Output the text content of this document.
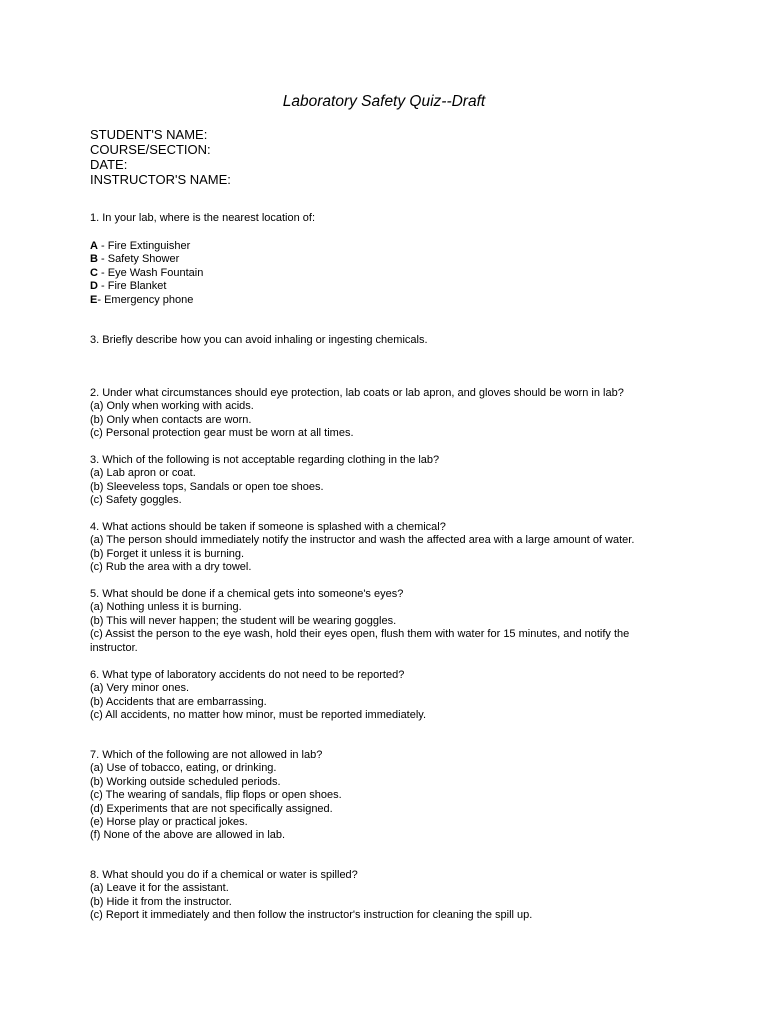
Laboratory Safety Quiz--Draft
STUDENT'S NAME:
COURSE/SECTION:
DATE:
INSTRUCTOR'S NAME:
1. In your lab, where is the nearest location of:
A - Fire Extinguisher
B - Safety Shower
C - Eye Wash Fountain
D - Fire Blanket
E- Emergency phone
3. Briefly describe how you can avoid inhaling or ingesting chemicals.
2. Under what circumstances should eye protection, lab coats or lab apron, and gloves should be worn in lab?
(a) Only when working with acids.
(b) Only when contacts are worn.
(c) Personal protection gear must be worn at all times.
3. Which of the following is not acceptable regarding clothing in the lab?
(a) Lab apron or coat.
(b) Sleeveless tops, Sandals or open toe shoes.
(c) Safety goggles.
4. What actions should be taken if someone is splashed with a chemical?
(a) The person should immediately notify the instructor and wash the affected area with a large amount of water.
(b) Forget it unless it is burning.
(c) Rub the area with a dry towel.
5. What should be done if a chemical gets into someone's eyes?
(a) Nothing unless it is burning.
(b) This will never happen; the student will be wearing goggles.
(c) Assist the person to the eye wash, hold their eyes open, flush them with water for 15 minutes, and notify the instructor.
6. What type of laboratory accidents do not need to be reported?
(a) Very minor ones.
(b) Accidents that are embarrassing.
(c) All accidents, no matter how minor, must be reported immediately.
7. Which of the following are not allowed in lab?
(a) Use of tobacco, eating, or drinking.
(b) Working outside scheduled periods.
(c) The wearing of sandals, flip flops or open shoes.
(d) Experiments that are not specifically assigned.
(e) Horse play or practical jokes.
(f) None of the above are allowed in lab.
8. What should you do if a chemical or water is spilled?
(a) Leave it for the assistant.
(b) Hide it from the instructor.
(c) Report it immediately and then follow the instructor's instruction for cleaning the spill up.
